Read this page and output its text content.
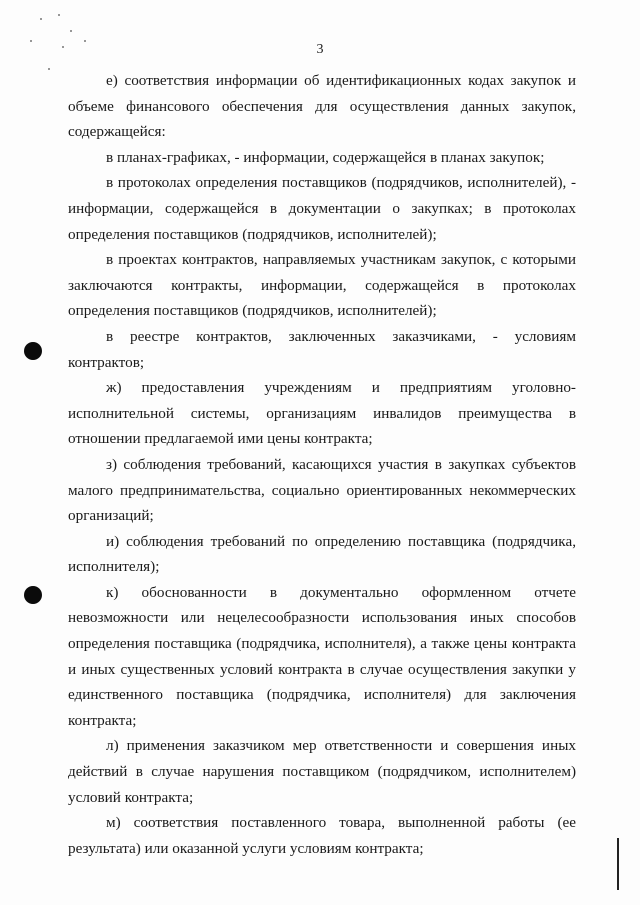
3

е) соответствия информации об идентификационных кодах закупок и объеме финансового обеспечения для осуществления данных закупок, содержащейся:

в планах-графиках, - информации, содержащейся в планах закупок;

в протоколах определения поставщиков (подрядчиков, исполнителей), - информации, содержащейся в документации о закупках; в протоколах определения поставщиков (подрядчиков, исполнителей);

в проектах контрактов, направляемых участникам закупок, с которыми заключаются контракты, информации, содержащейся в протоколах определения поставщиков (подрядчиков, исполнителей);

в реестре контрактов, заключенных заказчиками, - условиям контрактов;

ж) предоставления учреждениям и предприятиям уголовно-исполнительной системы, организациям инвалидов преимущества в отношении предлагаемой ими цены контракта;

з) соблюдения требований, касающихся участия в закупках субъектов малого предпринимательства, социально ориентированных некоммерческих организаций;

и) соблюдения требований по определению поставщика (подрядчика, исполнителя);

к) обоснованности в документально оформленном отчете невозможности или нецелесообразности использования иных способов определения поставщика (подрядчика, исполнителя), а также цены контракта и иных существенных условий контракта в случае осуществления закупки у единственного поставщика (подрядчика, исполнителя) для заключения контракта;

л) применения заказчиком мер ответственности и совершения иных действий в случае нарушения поставщиком (подрядчиком, исполнителем) условий контракта;

м) соответствия поставленного товара, выполненной работы (ее результата) или оказанной услуги условиям контракта;
